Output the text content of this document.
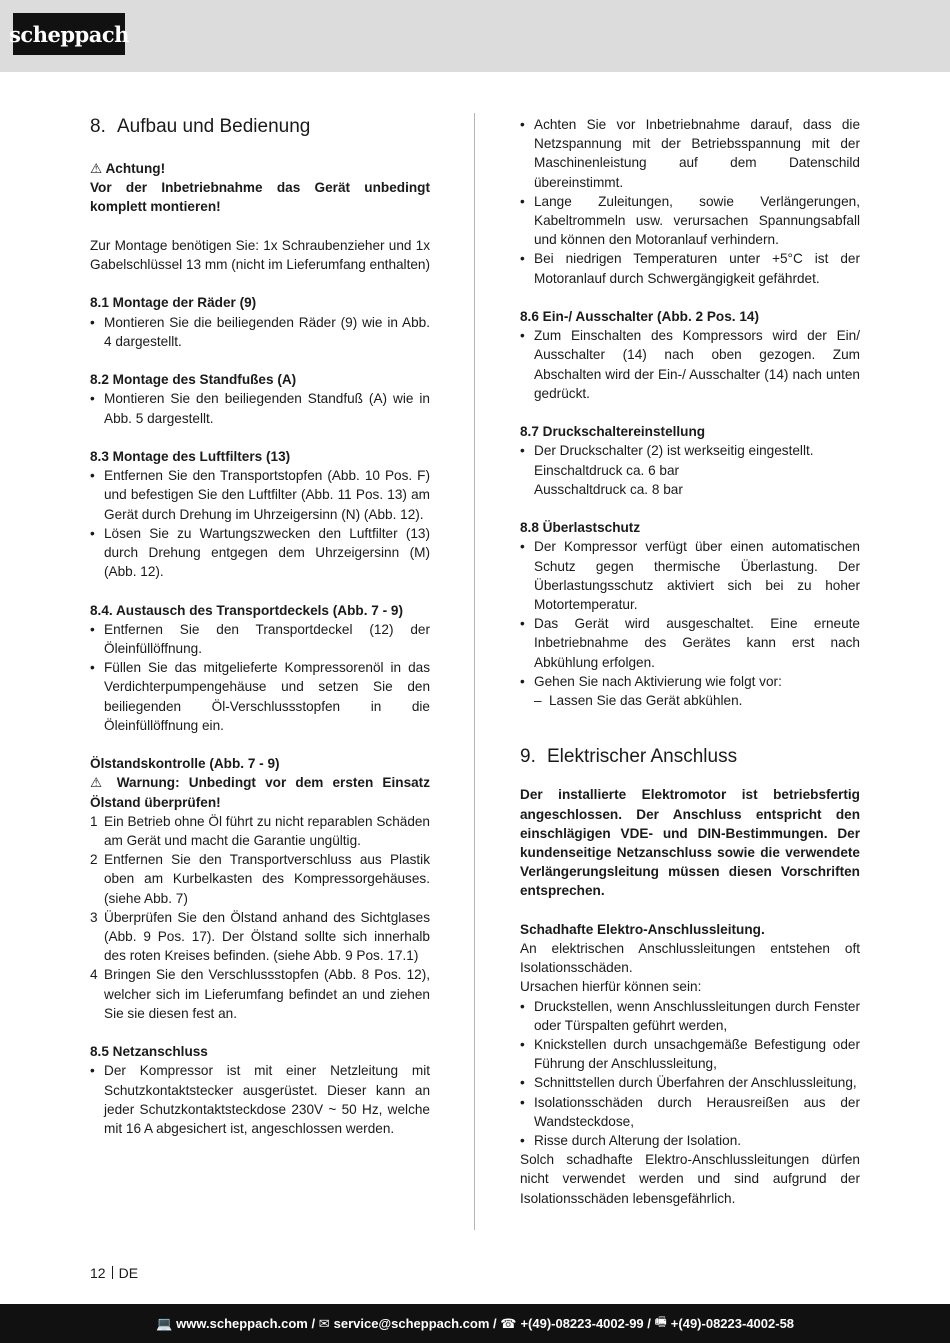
scheppach
8. Aufbau und Bedienung

⚠ Achtung!

Vor der Inbetriebnahme das Gerät unbedingt komplett montieren!

Zur Montage benötigen Sie: 1x Schraubenzieher und 1x Gabelschlüssel 13 mm (nicht im Lieferumfang enthalten)

8.1 Montage der Räder (9)

• Montieren Sie die beiliegenden Räder (9) wie in Abb. 4 dargestellt.

8.2 Montage des Standfußes (A)

• Montieren Sie den beiliegenden Standfuß (A) wie in Abb. 5 dargestellt.

8.3 Montage des Luftfilters (13)

• Entfernen Sie den Transportstopfen (Abb. 10 Pos. F) und befestigen Sie den Luftfilter (Abb. 11 Pos. 13) am Gerät durch Drehung im Uhrzeigersinn (N) (Abb. 12).
• Lösen Sie zu Wartungszwecken den Luftfilter (13) durch Drehung entgegen dem Uhrzeigersinn (M) (Abb. 12).

8.4. Austausch des Transportdeckels (Abb. 7 - 9)

• Entfernen Sie den Transportdeckel (12) der Öleinfüllöffnung.
• Füllen Sie das mitgelieferte Kompressorenöl in das Verdichterpumpengehäuse und setzen Sie den beiliegenden Öl-Verschlussstopfen in die Öleinfüllöffnung ein.

Ölstandskontrolle (Abb. 7 - 9)

⚠ Warnung: Unbedingt vor dem ersten Einsatz Ölstand überprüfen!

1 Ein Betrieb ohne Öl führt zu nicht reparablen Schäden am Gerät und macht die Garantie ungültig.
2 Entfernen Sie den Transportverschluss aus Plastik oben am Kurbelkasten des Kompressorgehäuses. (siehe Abb. 7)
3 Überprüfen Sie den Ölstand anhand des Sichtglases (Abb. 9 Pos. 17). Der Ölstand sollte sich innerhalb des roten Kreises befinden. (siehe Abb. 9 Pos. 17.1)
4 Bringen Sie den Verschlussstopfen (Abb. 8 Pos. 12), welcher sich im Lieferumfang befindet an und ziehen Sie sie diesen fest an.

8.5 Netzanschluss

• Der Kompressor ist mit einer Netzleitung mit Schutzkontaktstecker ausgerüstet. Dieser kann an jeder Schutzkontaktsteckdose 230V ~ 50 Hz, welche mit 16 A abgesichert ist, angeschlossen werden.
• Achten Sie vor Inbetriebnahme darauf, dass die Netzspannung mit der Betriebsspannung mit der Maschinenleistung auf dem Datenschild übereinstimmt.
• Lange Zuleitungen, sowie Verlängerungen, Kabeltrommeln usw. verursachen Spannungsabfall und können den Motoranlauf verhindern.
• Bei niedrigen Temperaturen unter +5°C ist der Motoranlauf durch Schwergängigkeit gefährdet.

8.6 Ein-/ Ausschalter (Abb. 2 Pos. 14)

• Zum Einschalten des Kompressors wird der Ein/ Ausschalter (14) nach oben gezogen. Zum Abschalten wird der Ein-/ Ausschalter (14) nach unten gedrückt.

8.7 Druckschaltereinstellung

• Der Druckschalter (2) ist werkseitig eingestellt.

Einschaltdruck ca. 6 bar

Ausschaltdruck ca. 8 bar

8.8 Überlastschutz

• Der Kompressor verfügt über einen automatischen Schutz gegen thermische Überlastung. Der Überlastungsschutz aktiviert sich bei zu hoher Motortemperatur.
• Das Gerät wird ausgeschaltet. Eine erneute Inbetriebnahme des Gerätes kann erst nach Abkühlung erfolgen.
• Gehen Sie nach Aktivierung wie folgt vor:

– Lassen Sie das Gerät abkühlen.

9. Elektrischer Anschluss

Der installierte Elektromotor ist betriebsfertig angeschlossen. Der Anschluss entspricht den einschlägigen VDE- und DIN-Bestimmungen. Der kundenseitige Netzanschluss sowie die verwendete Verlängerungsleitung müssen diesen Vorschriften entsprechen.

Schadhafte Elektro-Anschlussleitung.

An elektrischen Anschlussleitungen entstehen oft Isolationsschäden.

Ursachen hierfür können sein:

• Druckstellen, wenn Anschlussleitungen durch Fenster oder Türspalten geführt werden,
• Knickstellen durch unsachgemäße Befestigung oder Führung der Anschlussleitung,
• Schnittstellen durch Überfahren der Anschlussleitung,
• Isolationsschäden durch Herausreißen aus der Wandsteckdose,
• Risse durch Alterung der Isolation.

Solch schadhafte Elektro-Anschlussleitungen dürfen nicht verwendet werden und sind aufgrund der Isolationsschäden lebensgefährlich.

12 DE
💻 www.scheppach.com /
✉ service@scheppach.com /
☎ +(49)-08223-4002-99 /
🖷 +(49)-08223-4002-58
